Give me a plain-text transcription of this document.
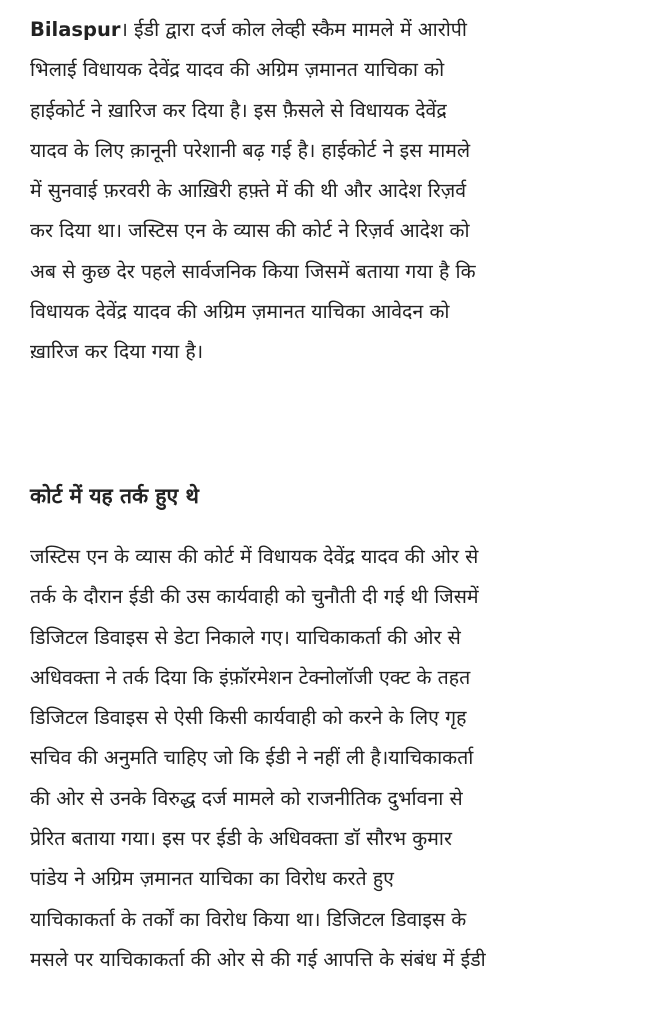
Bilaspur। ईडी द्वारा दर्ज कोल लेव्ही स्कैम मामले में आरोपी
भिलाई विधायक देवेंद्र यादव की अग्रिम ज़मानत याचिका को
हाईकोर्ट ने ख़ारिज कर दिया है। इस फ़ैसले से विधायक देवेंद्र
यादव के लिए क़ानूनी परेशानी बढ़ गई है। हाईकोर्ट ने इस मामले
में सुनवाई फ़रवरी के आख़िरी हफ़्ते में की थी और आदेश रिज़र्व
कर दिया था। जस्टिस एन के व्यास की कोर्ट ने रिज़र्व आदेश को
अब से कुछ देर पहले सार्वजनिक किया जिसमें बताया गया है कि
विधायक देवेंद्र यादव की अग्रिम ज़मानत याचिका आवेदन को
ख़ारिज कर दिया गया है।

कोर्ट में यह तर्क हुए थे

जस्टिस एन के व्यास की कोर्ट में विधायक देवेंद्र यादव की ओर से
तर्क के दौरान ईडी की उस कार्यवाही को चुनौती दी गई थी जिसमें
डिजिटल डिवाइस से डेटा निकाले गए। याचिकाकर्ता की ओर से
अधिवक्ता ने तर्क दिया कि इंफ़ॉरमेशन टेक्नोलॉजी एक्ट के तहत
डिजिटल डिवाइस से ऐसी किसी कार्यवाही को करने के लिए गृह
सचिव की अनुमति चाहिए जो कि ईडी ने नहीं ली है।याचिकाकर्ता
की ओर से उनके विरुद्ध दर्ज मामले को राजनीतिक दुर्भावना से
प्रेरित बताया गया। इस पर ईडी के अधिवक्ता डॉ सौरभ कुमार
पांडेय ने अग्रिम ज़मानत याचिका का विरोध करते हुए
याचिकाकर्ता के तर्कों का विरोध किया था। डिजिटल डिवाइस के
मसले पर याचिकाकर्ता की ओर से की गई आपत्ति के संबंध में ईडी
